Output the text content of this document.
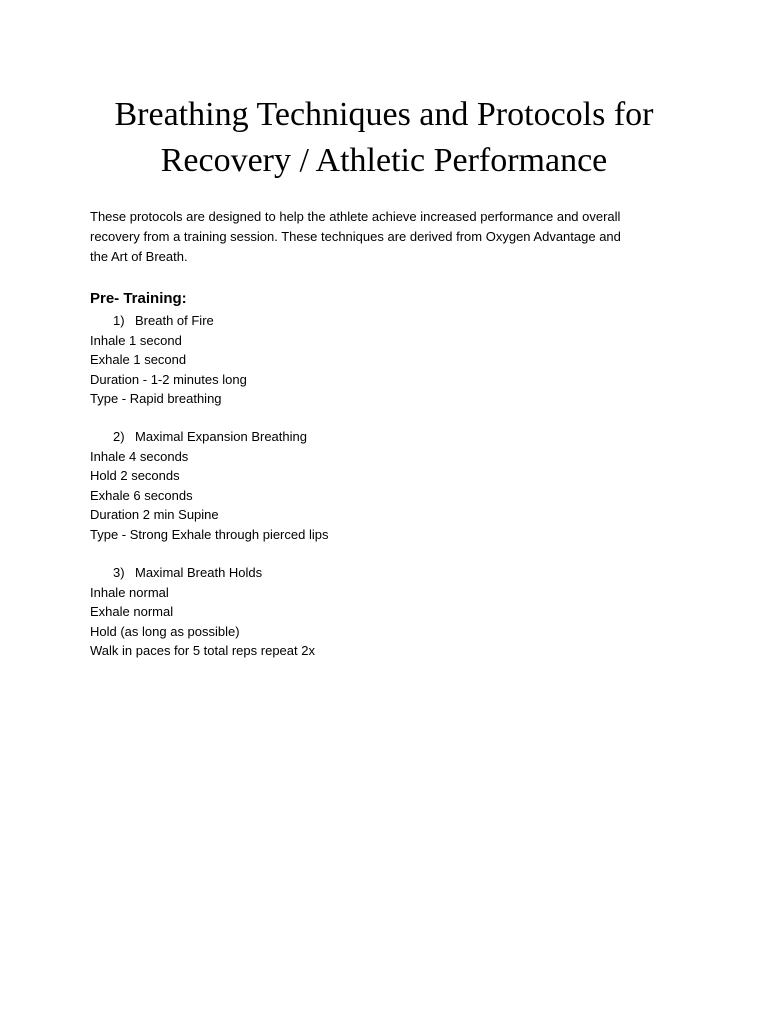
Breathing Techniques and Protocols for
Recovery / Athletic Performance

These protocols are designed to help the athlete achieve increased performance and overall
recovery from a training session. These techniques are derived from Oxygen Advantage and
the Art of Breath.

Pre- Training:
1) Breath of Fire
Inhale 1 second
Exhale 1 second
Duration - 1-2 minutes long
Type - Rapid breathing
2) Maximal Expansion Breathing
Inhale 4 seconds
Hold 2 seconds
Exhale 6 seconds
Duration 2 min Supine
Type - Strong Exhale through pierced lips
3) Maximal Breath Holds
Inhale normal
Exhale normal
Hold (as long as possible)
Walk in paces for 5 total reps repeat 2x
